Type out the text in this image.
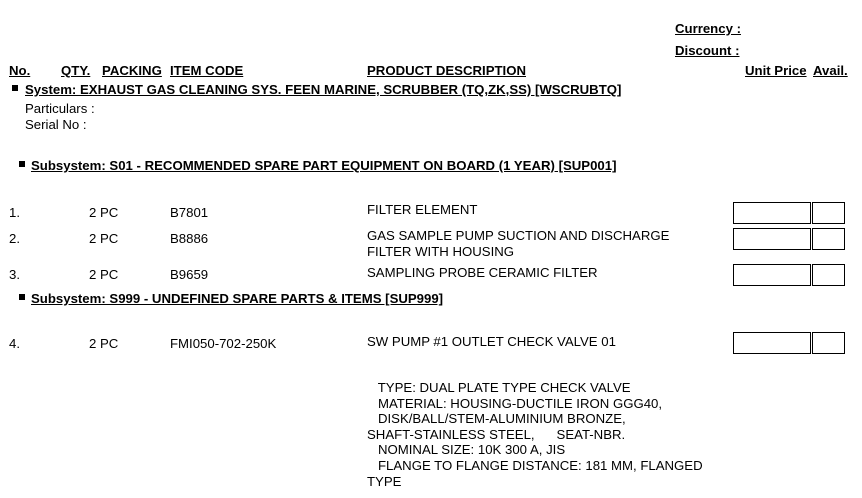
Currency :
Discount :
No. QTY. PACKING ITEM CODE	PRODUCT DESCRIPTION	Unit Price Avail.
System: EXHAUST GAS CLEANING SYS. FEEN MARINE, SCRUBBER (TQ,ZK,SS) [WSCRUBTQ]
Particulars :
Serial No :
Subsystem: S01 - RECOMMENDED SPARE PART EQUIPMENT ON BOARD (1 YEAR) [SUP001]
1.	2 PC	B7801	FILTER ELEMENT
2.	2 PC	B8886	GAS SAMPLE PUMP SUCTION AND DISCHARGE
FILTER WITH HOUSING
3.	2 PC	B9659	SAMPLING PROBE CERAMIC FILTER
Subsystem: S999 - UNDEFINED SPARE PARTS & ITEMS [SUP999]
4.	2 PC	FMI050-702-250K	SW PUMP #1 OUTLET CHECK VALVE 01
TYPE: DUAL PLATE TYPE CHECK VALVE
MATERIAL: HOUSING-DUCTILE IRON GGG40,
DISK/BALL/STEM-ALUMINIUM BRONZE,
SHAFT-STAINLESS STEEL,      SEAT-NBR.
NOMINAL SIZE: 10K 300 A, JIS
FLANGE TO FLANGE DISTANCE: 181 MM, FLANGED
TYPE
